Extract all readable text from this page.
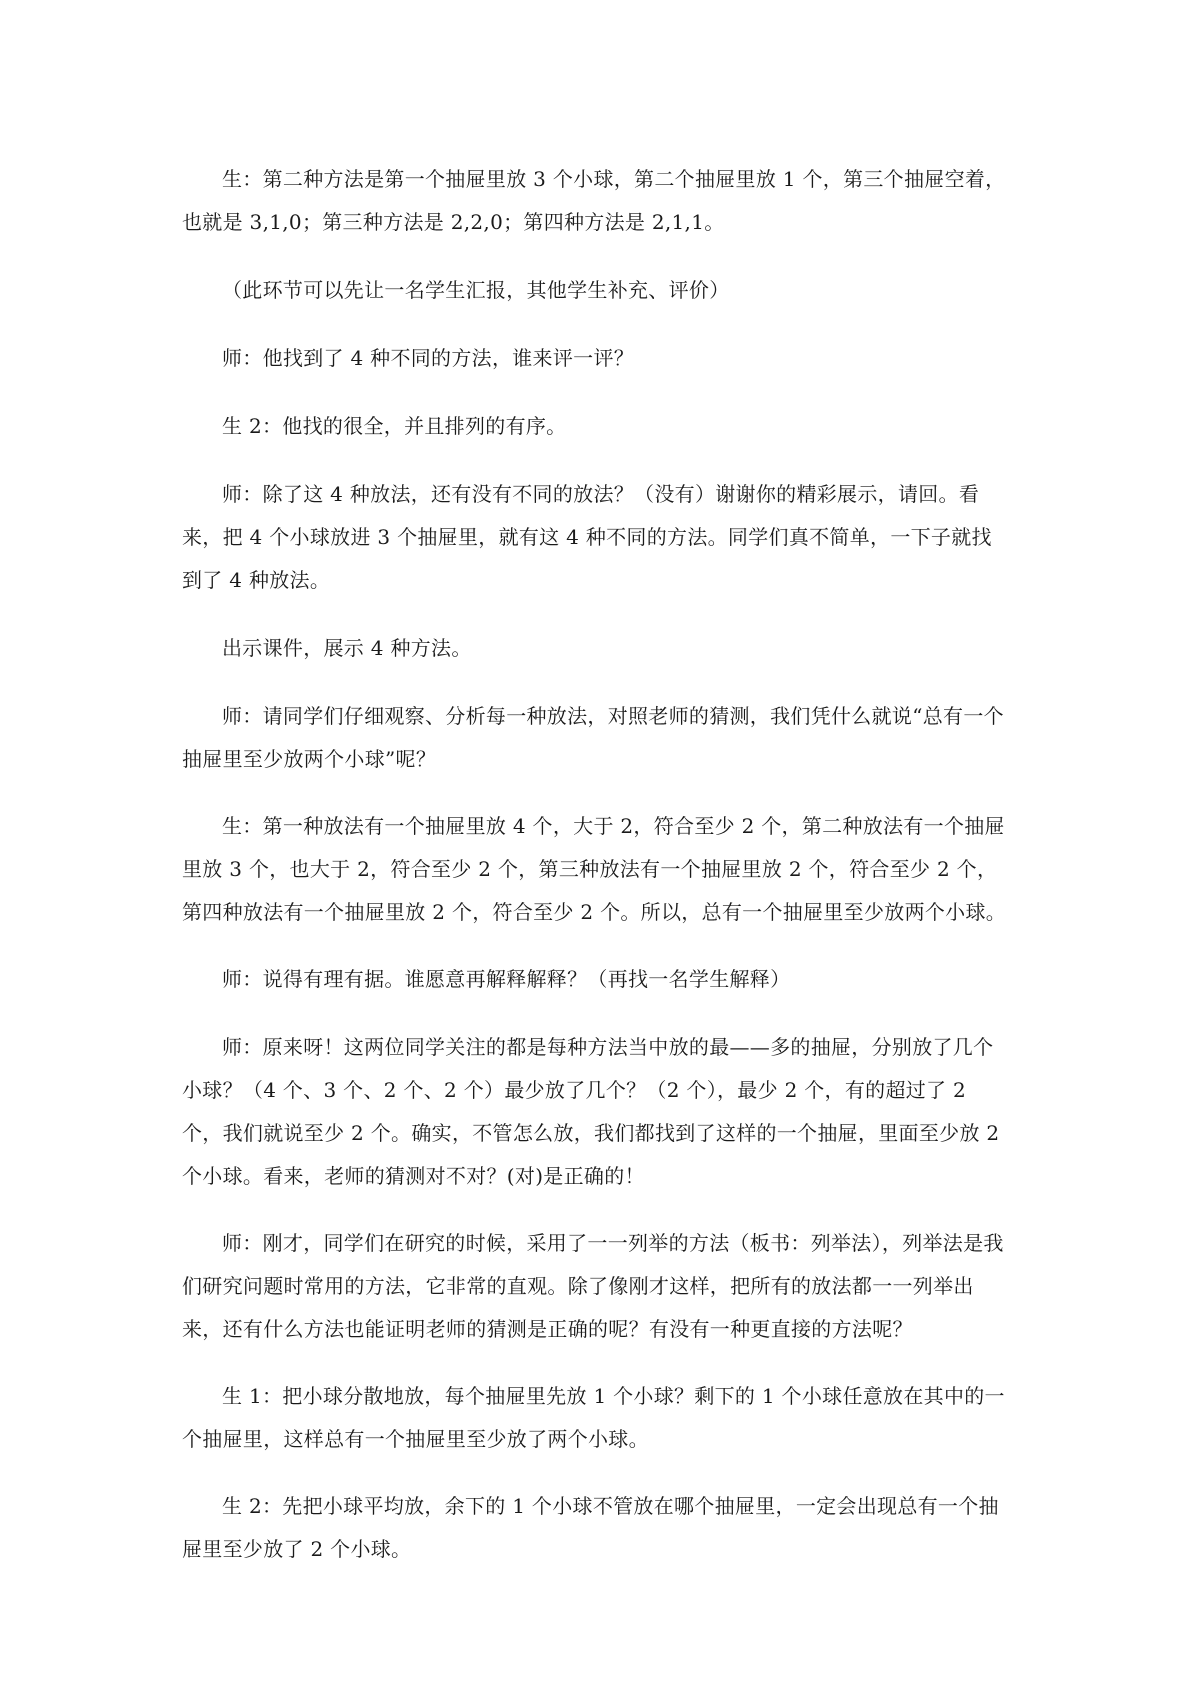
生：第二种方法是第一个抽屉里放 3 个小球，第二个抽屉里放 1 个，第三个抽屉空着，也就是 3,1,0；第三种方法是 2,2,0；第四种方法是 2,1,1。

（此环节可以先让一名学生汇报，其他学生补充、评价）

师：他找到了 4 种不同的方法，谁来评一评？

生 2：他找的很全，并且排列的有序。

师：除了这 4 种放法，还有没有不同的放法？（没有）谢谢你的精彩展示，请回。看来，把 4 个小球放进 3 个抽屉里，就有这 4 种不同的方法。同学们真不简单，一下子就找到了 4 种放法。

出示课件，展示 4 种方法。

师：请同学们仔细观察、分析每一种放法，对照老师的猜测，我们凭什么就说“总有一个抽屉里至少放两个小球”呢？

生：第一种放法有一个抽屉里放 4 个，大于 2，符合至少 2 个，第二种放法有一个抽屉里放 3 个，也大于 2，符合至少 2 个，第三种放法有一个抽屉里放 2 个，符合至少 2 个，第四种放法有一个抽屉里放 2 个，符合至少 2 个。所以，总有一个抽屉里至少放两个小球。

师：说得有理有据。谁愿意再解释解释？（再找一名学生解释）

师：原来呀！这两位同学关注的都是每种方法当中放的最——多的抽屉，分别放了几个小球？（4 个、3 个、2 个、2 个）最少放了几个？（2 个），最少 2 个，有的超过了 2 个，我们就说至少 2 个。确实，不管怎么放，我们都找到了这样的一个抽屉，里面至少放 2 个小球。看来，老师的猜测对不对？(对)是正确的！

师：刚才，同学们在研究的时候，采用了一一列举的方法（板书：列举法），列举法是我们研究问题时常用的方法，它非常的直观。除了像刚才这样，把所有的放法都一一列举出来，还有什么方法也能证明老师的猜测是正确的呢？有没有一种更直接的方法呢？

生 1：把小球分散地放，每个抽屉里先放 1 个小球？剩下的 1 个小球任意放在其中的一个抽屉里，这样总有一个抽屉里至少放了两个小球。

生 2：先把小球平均放，余下的 1 个小球不管放在哪个抽屉里，一定会出现总有一个抽屉里至少放了 2 个小球。
